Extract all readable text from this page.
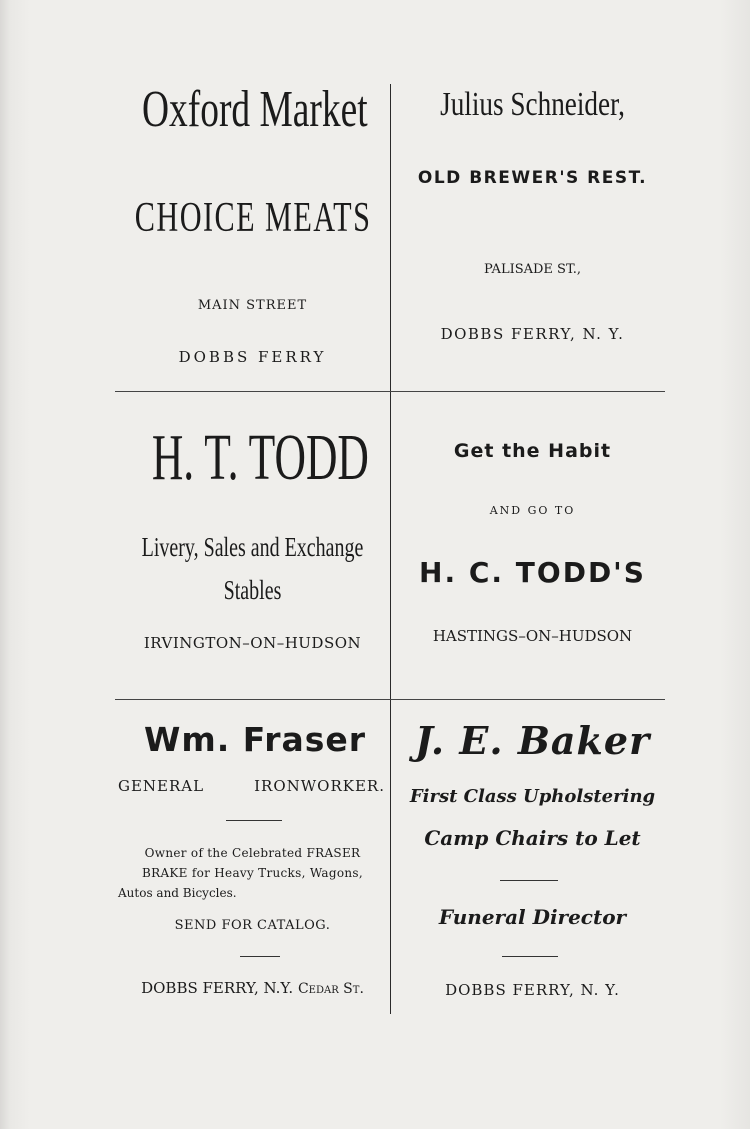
Oxford Market
CHOICE MEATS
MAIN STREET
DOBBS FERRY
Julius Schneider,
OLD BREWER'S REST.
PALISADE ST.,
DOBBS FERRY, N. Y.
H. T. TODD
Livery, Sales and Exchange
Stables
IRVINGTON–ON–HUDSON
Get the Habit
AND GO TO
H. C. TODD'S
HASTINGS–ON–HUDSON
Wm. Fraser
GENERAL	IRONWORKER.
Owner of the Celebrated FRASER
BRAKE for Heavy Trucks, Wagons,
Autos and Bicycles.
SEND FOR CATALOG.
DOBBS FERRY, N.Y. Cedar St.
J. E. Baker
First Class Upholstering
Camp Chairs to Let
Funeral Director
DOBBS FERRY, N. Y.
